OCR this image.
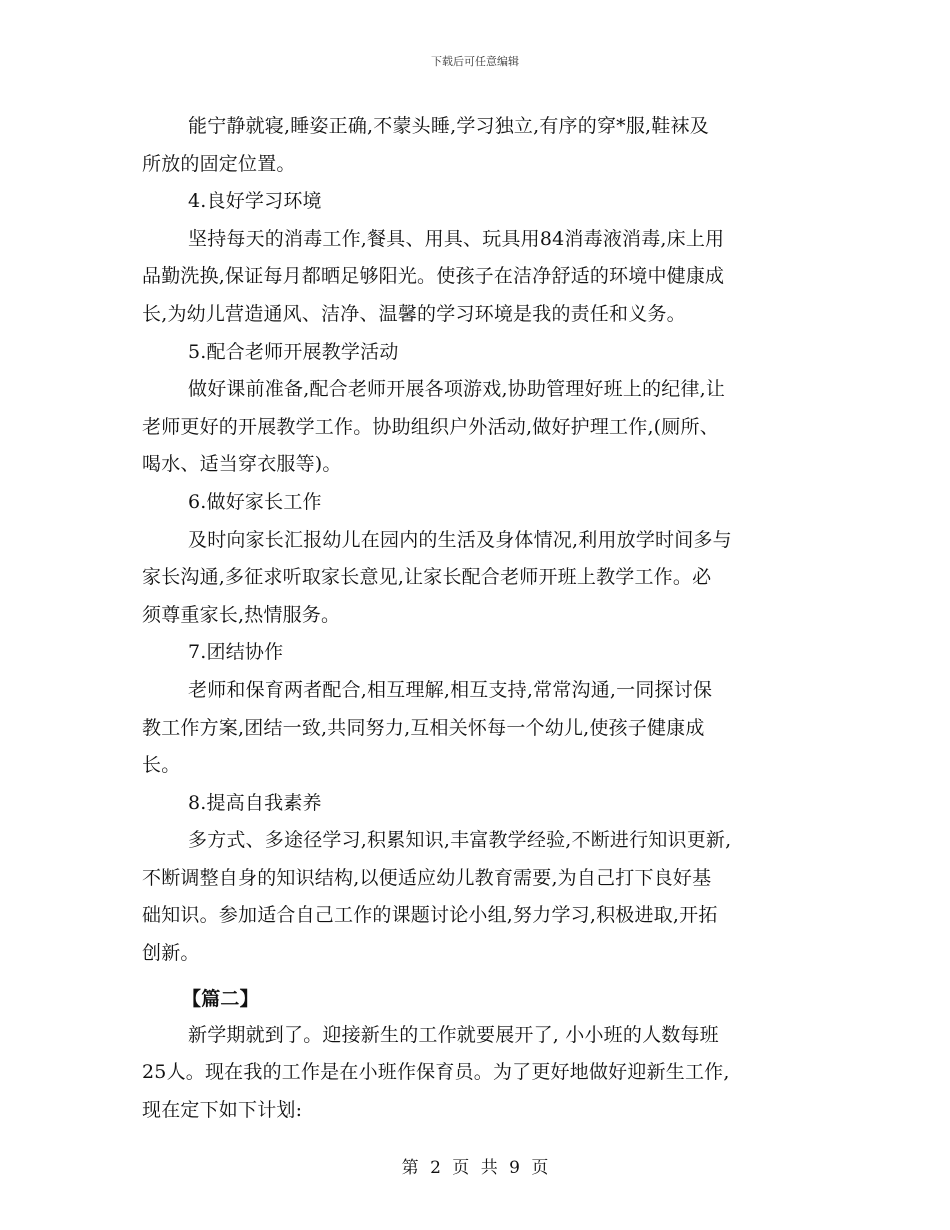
下载后可任意编辑
能宁静就寝,睡姿正确,不蒙头睡,学习独立,有序的穿*服,鞋袜及
所放的固定位置。
4.良好学习环境
坚持每天的消毒工作,餐具、用具、玩具用84消毒液消毒,床上用
品勤洗换,保证每月都晒足够阳光。使孩子在洁净舒适的环境中健康成
长,为幼儿营造通风、洁净、温馨的学习环境是我的责任和义务。
5.配合老师开展教学活动
做好课前准备,配合老师开展各项游戏,协助管理好班上的纪律,让
老师更好的开展教学工作。协助组织户外活动,做好护理工作,(厕所、
喝水、适当穿衣服等)。
6.做好家长工作
及时向家长汇报幼儿在园内的生活及身体情况,利用放学时间多与
家长沟通,多征求听取家长意见,让家长配合老师开班上教学工作。必
须尊重家长,热情服务。
7.团结协作
老师和保育两者配合,相互理解,相互支持,常常沟通,一同探讨保
教工作方案,团结一致,共同努力,互相关怀每一个幼儿,使孩子健康成
长。
8.提高自我素养
多方式、多途径学习,积累知识,丰富教学经验,不断进行知识更新,
不断调整自身的知识结构,以便适应幼儿教育需要,为自己打下良好基
础知识。参加适合自己工作的课题讨论小组,努力学习,积极进取,开拓
创新。
【篇二】
新学期就到了。迎接新生的工作就要展开了, 小小班的人数每班
25人。现在我的工作是在小班作保育员。为了更好地做好迎新生工作,
现在定下如下计划:
第 2 页 共 9 页
